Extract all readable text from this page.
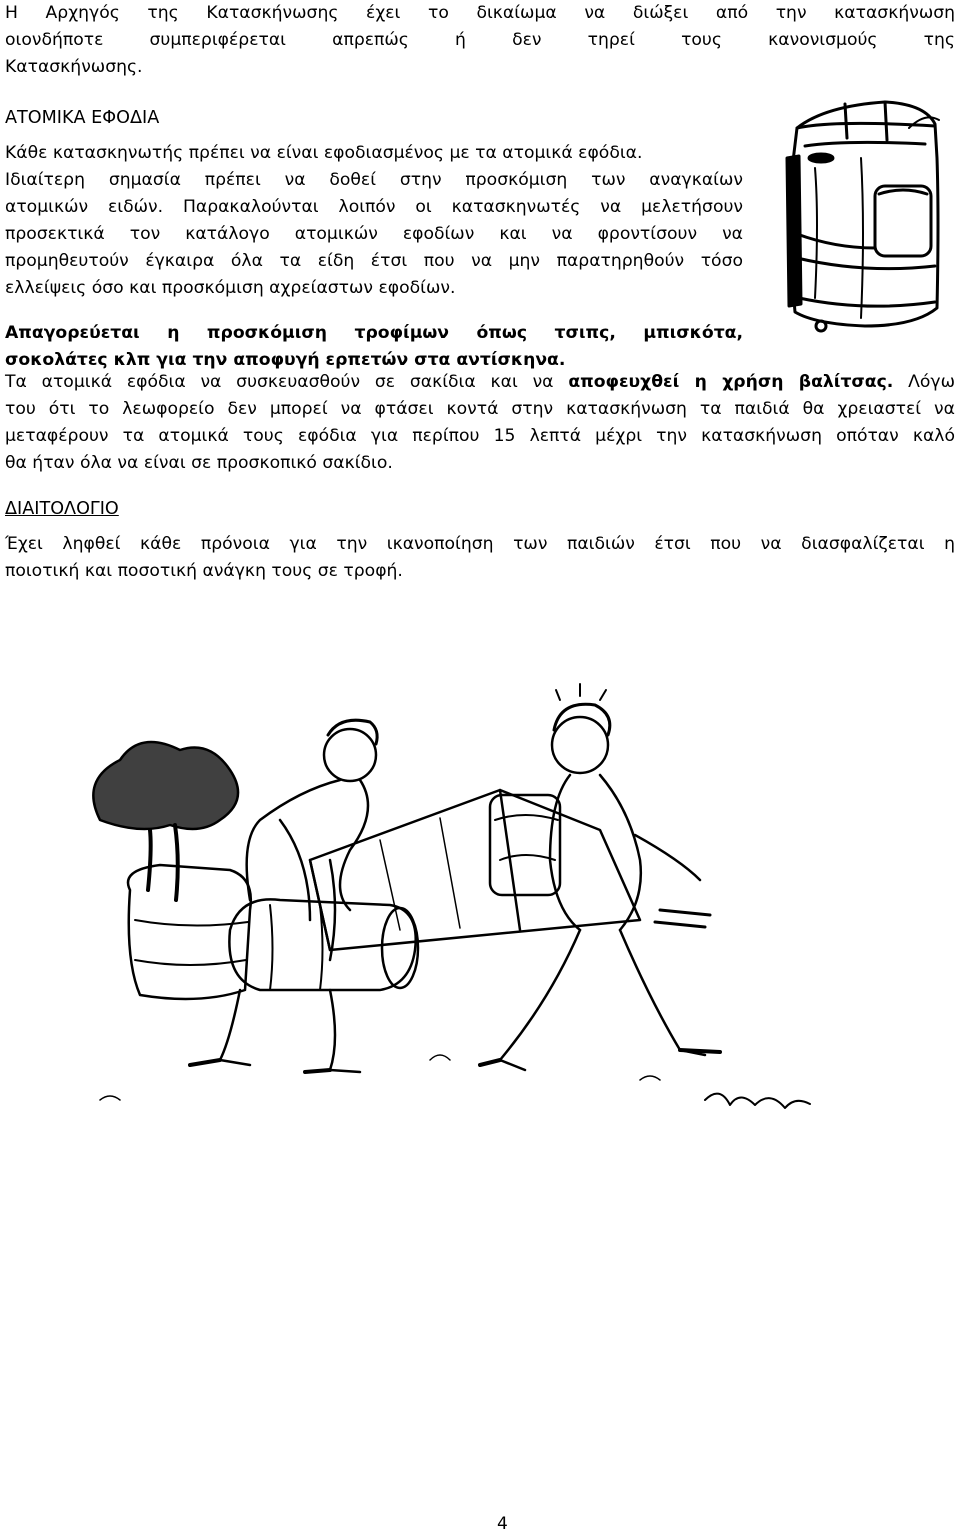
Η Αρχηγός της Κατασκήνωσης έχει το δικαίωμα να διώξει από την κατασκήνωση
οιονδήποτε συμπεριφέρεται απρεπώς ή δεν τηρεί τους κανονισμούς της
Κατασκήνωσης.
ΑΤΟΜΙΚΑ ΕΦΟΔΙΑ
Κάθε κατασκηνωτής πρέπει να είναι εφοδιασμένος με τα ατομικά εφόδια.
Ιδιαίτερη σημασία πρέπει να δοθεί στην προσκόμιση των αναγκαίων
ατομικών ειδών. Παρακαλούνται λοιπόν οι κατασκηνωτές να μελετήσουν
προσεκτικά τον κατάλογο ατομικών εφοδίων και να φροντίσουν να
προμηθευτούν έγκαιρα όλα τα είδη έτσι που να μην παρατηρηθούν τόσο
ελλείψεις όσο και προσκόμιση αχρείαστων εφοδίων.
Απαγορεύεται η προσκόμιση τροφίμων όπως τσιπς, μπισκότα,
σοκολάτες κλπ για την αποφυγή ερπετών στα αντίσκηνα.
Τα ατομικά εφόδια να συσκευασθούν σε σακίδια και να αποφευχθεί η χρήση βαλίτσας. Λόγω
του ότι το λεωφορείο δεν μπορεί να φτάσει κοντά στην κατασκήνωση τα παιδιά θα χρειαστεί να
μεταφέρουν τα ατομικά τους εφόδια για περίπου 15 λεπτά μέχρι την κατασκήνωση οπόταν καλό
θα ήταν όλα να είναι σε προσκοπικό σακίδιο.
ΔΙΑΙΤΟΛΟΓΙΟ
Έχει ληφθεί κάθε πρόνοια για την ικανοποίηση των παιδιών έτσι που να διασφαλίζεται η
ποιοτική και ποσοτική ανάγκη τους σε τροφή.
4
